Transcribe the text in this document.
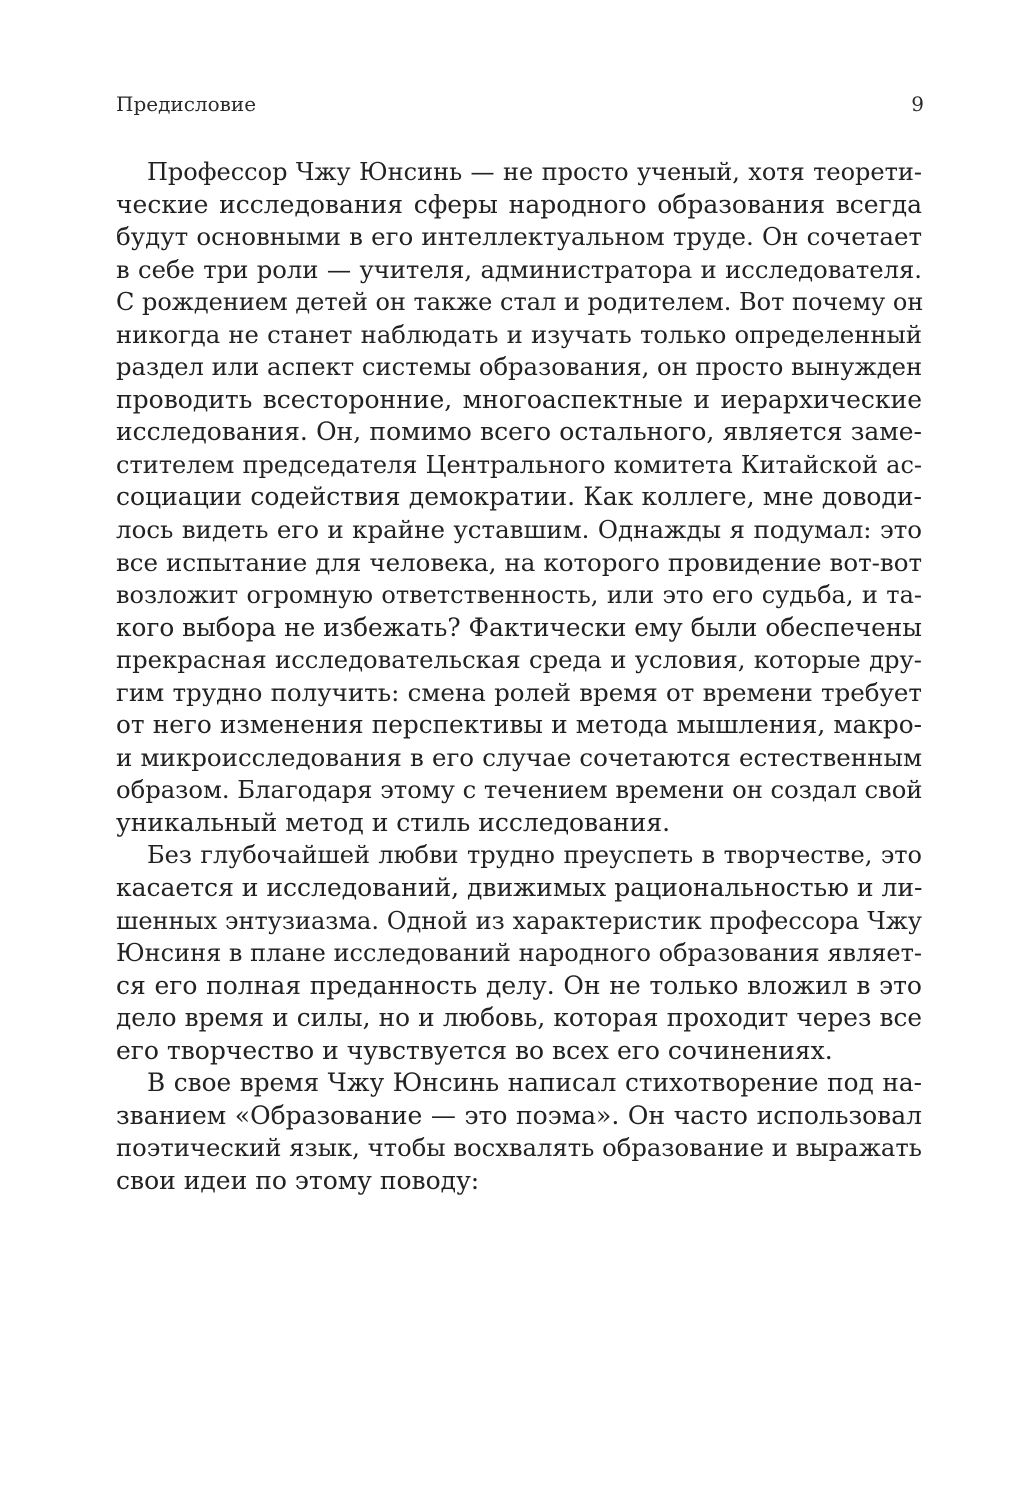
Предисловие	9
Профессор Чжу Юнсинь — не просто ученый, хотя теорети-
ческие исследования сферы народного образования всегда
будут основными в его интеллектуальном труде. Он сочетает
в себе три роли — учителя, администратора и исследователя.
С рождением детей он также стал и родителем. Вот почему он
никогда не станет наблюдать и изучать только определенный
раздел или аспект системы образования, он просто вынужден
проводить всесторонние, многоаспектные и иерархические
исследования. Он, помимо всего остального, является заме-
стителем председателя Центрального комитета Китайской ас-
социации содействия демократии. Как коллеге, мне доводи-
лось видеть его и крайне уставшим. Однажды я подумал: это
все испытание для человека, на которого провидение вот-вот
возложит огромную ответственность, или это его судьба, и та-
кого выбора не избежать? Фактически ему были обеспечены
прекрасная исследовательская среда и условия, которые дру-
гим трудно получить: смена ролей время от времени требует
от него изменения перспективы и метода мышления, макро-
и микроисследования в его случае сочетаются естественным
образом. Благодаря этому с течением времени он создал свой
уникальный метод и стиль исследования.
Без глубочайшей любви трудно преуспеть в творчестве, это
касается и исследований, движимых рациональностью и ли-
шенных энтузиазма. Одной из характеристик профессора Чжу
Юнсиня в плане исследований народного образования являет-
ся его полная преданность делу. Он не только вложил в это
дело время и силы, но и любовь, которая проходит через все
его творчество и чувствуется во всех его сочинениях.
В свое время Чжу Юнсинь написал стихотворение под на-
званием «Образование — это поэма». Он часто использовал
поэтический язык, чтобы восхвалять образование и выражать
свои идеи по этому поводу:
